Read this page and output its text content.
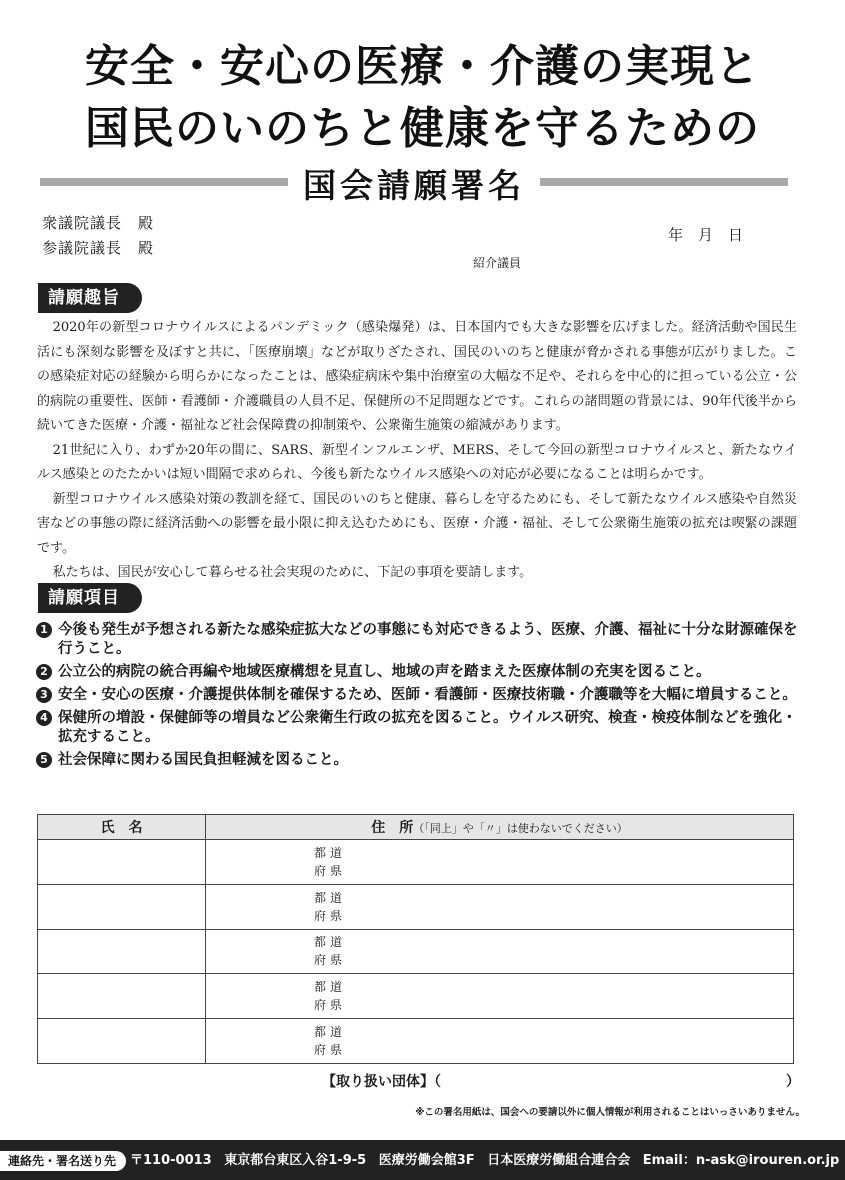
安全・安心の医療・介護の実現と
国民のいのちと健康を守るための
国会請願署名
衆議院議長　殿
参議院議長　殿
年　月　日
紹介議員
請願趣旨

2020年の新型コロナウイルスによるパンデミック（感染爆発）は、日本国内でも大きな影響を広げました。経済活動や国民生活にも深刻な影響を及ぼすと共に、「医療崩壊」などが取りざたされ、国民のいのちと健康が脅かされる事態が広がりました。この感染症対応の経験から明らかになったことは、感染症病床や集中治療室の大幅な不足や、それらを中心的に担っている公立・公的病院の重要性、医師・看護師・介護職員の人員不足、保健所の不足問題などです。これらの諸問題の背景には、90年代後半から続いてきた医療・介護・福祉など社会保障費の抑制策や、公衆衛生施策の縮減があります。

21世紀に入り、わずか20年の間に、SARS、新型インフルエンザ、MERS、そして今回の新型コロナウイルスと、新たなウイルス感染とのたたかいは短い間隔で求められ、今後も新たなウイルス感染への対応が必要になることは明らかです。

新型コロナウイルス感染対策の教訓を経て、国民のいのちと健康、暮らしを守るためにも、そして新たなウイルス感染や自然災害などの事態の際に経済活動への影響を最小限に抑え込むためにも、医療・介護・福祉、そして公衆衛生施策の拡充は喫緊の課題です。

私たちは、国民が安心して暮らせる社会実現のために、下記の事項を要請します。

請願項目
1 今後も発生が予想される新たな感染症拡大などの事態にも対応できるよう、医療、介護、福祉に十分な財源確保を行うこと。
2 公立公的病院の統合再編や地域医療構想を見直し、地域の声を踏まえた医療体制の充実を図ること。
3 安全・安心の医療・介護提供体制を確保するため、医師・看護師・医療技術職・介護職等を大幅に増員すること。
4 保健所の増設・保健師等の増員など公衆衛生行政の拡充を図ること。ウイルス研究、検査・検疫体制などを強化・拡充すること。
5 社会保障に関わる国民負担軽減を図ること。
氏　名	住　所（「同上」や「〃」は使わないでください）

	都道
府県

	都道
府県

	都道
府県

	都道
府県

	都道
府県
【取り扱い団体】（	）
※この署名用紙は、国会への要請以外に個人情報が利用されることはいっさいありません。
連絡先・署名送り先	〒110-0013 東京都台東区入谷1-9-5 医療労働会館3F 日本医療労働組合連合会 Email：n-ask@irouren.or.jp
